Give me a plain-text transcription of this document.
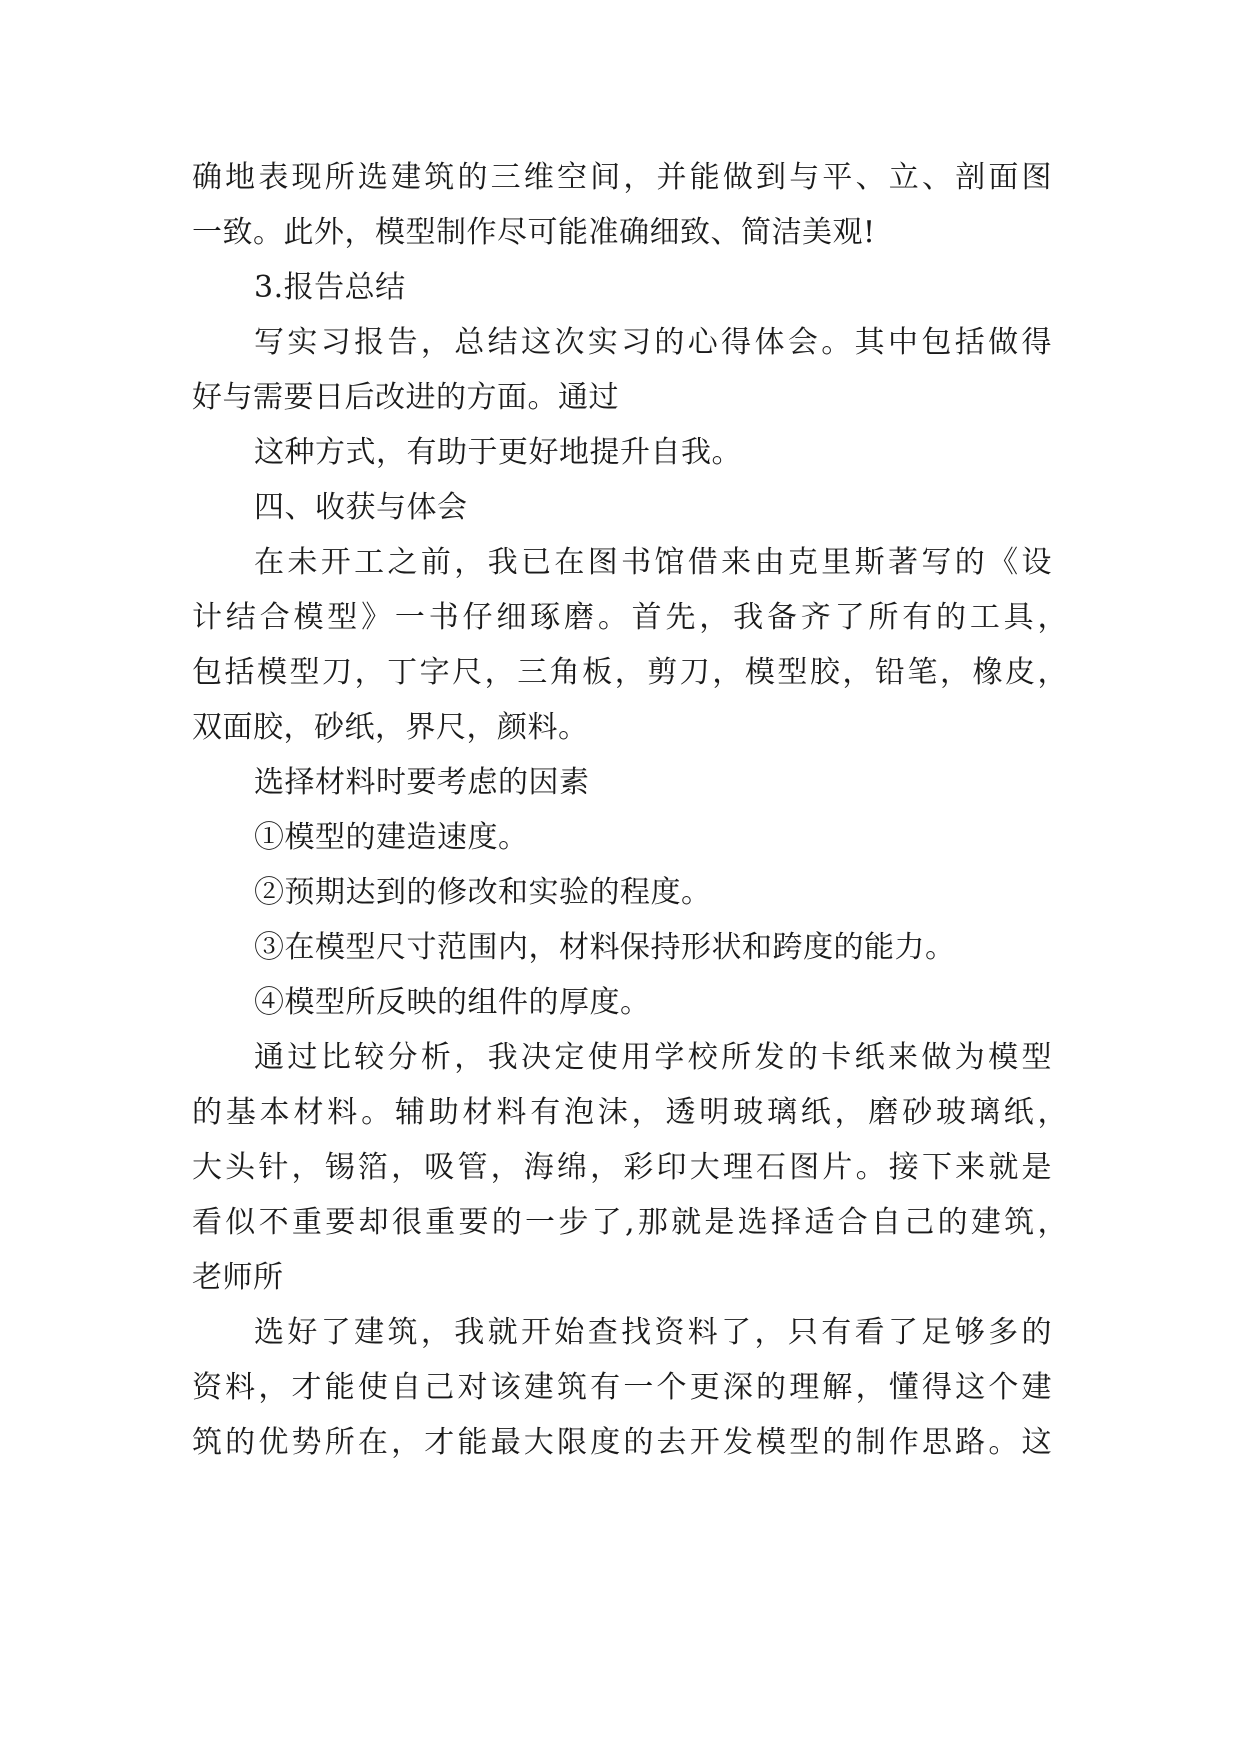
确地表现所选建筑的三维空间，并能做到与平、立、剖面图

一致。此外，模型制作尽可能准确细致、简洁美观!

3.报告总结

写实习报告，总结这次实习的心得体会。其中包括做得

好与需要日后改进的方面。通过

这种方式，有助于更好地提升自我。

四、收获与体会

在未开工之前，我已在图书馆借来由克里斯著写的《设

计结合模型》一书仔细琢磨。首先，我备齐了所有的工具，

包括模型刀，丁字尺，三角板，剪刀，模型胶，铅笔，橡皮，

双面胶，砂纸，界尺，颜料。

选择材料时要考虑的因素

①模型的建造速度。

②预期达到的修改和实验的程度。

③在模型尺寸范围内，材料保持形状和跨度的能力。

④模型所反映的组件的厚度。

通过比较分析，我决定使用学校所发的卡纸来做为模型

的基本材料。辅助材料有泡沫，透明玻璃纸，磨砂玻璃纸，

大头针，锡箔，吸管，海绵，彩印大理石图片。接下来就是

看似不重要却很重要的一步了,那就是选择适合自己的建筑，

老师所

选好了建筑，我就开始查找资料了，只有看了足够多的

资料，才能使自己对该建筑有一个更深的理解，懂得这个建

筑的优势所在，才能最大限度的去开发模型的制作思路。这
